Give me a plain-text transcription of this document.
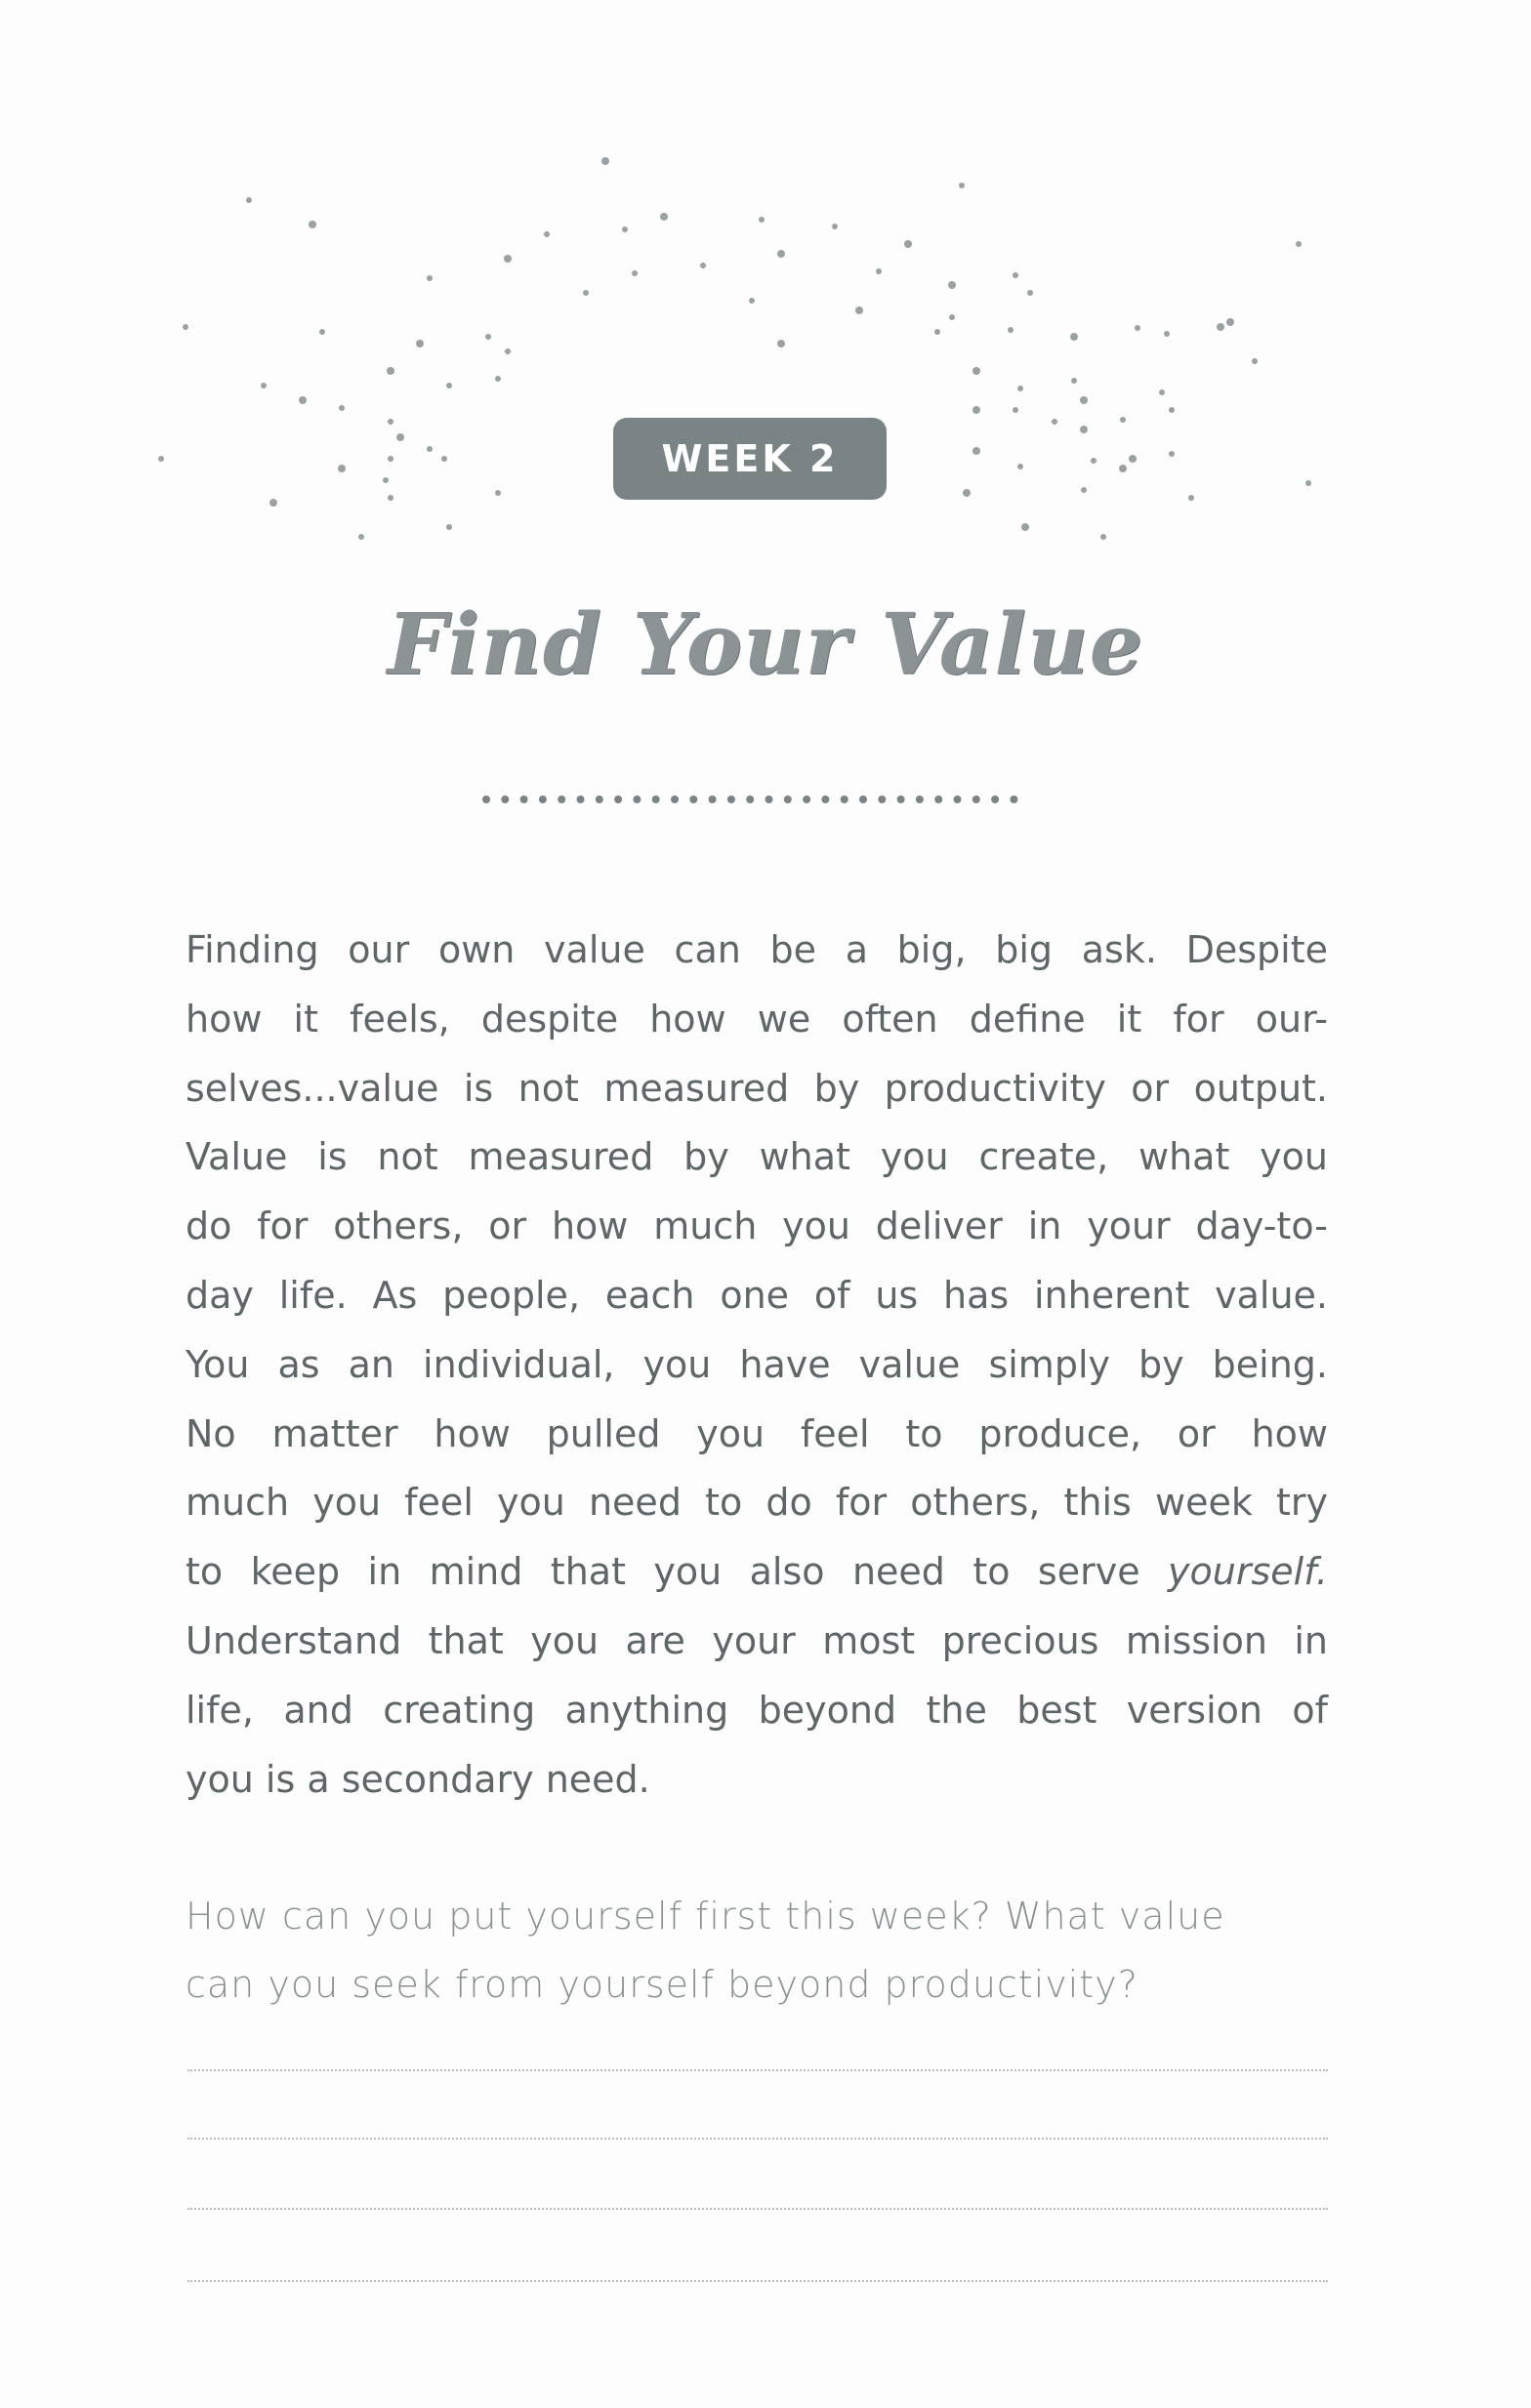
WEEK 2
Find Your Value
Finding our own value can be a big, big ask. Despite
how it feels, despite how we often define it for our-
selves...value is not measured by productivity or output.
Value is not measured by what you create, what you
do for others, or how much you deliver in your day-to-
day life. As people, each one of us has inherent value.
You as an individual, you have value simply by being.
No matter how pulled you feel to produce, or how
much you feel you need to do for others, this week try
to keep in mind that you also need to serve yourself.
Understand that you are your most precious mission in
life, and creating anything beyond the best version of
you is a secondary need.
How can you put yourself first this week? What value
can you seek from yourself beyond productivity?
